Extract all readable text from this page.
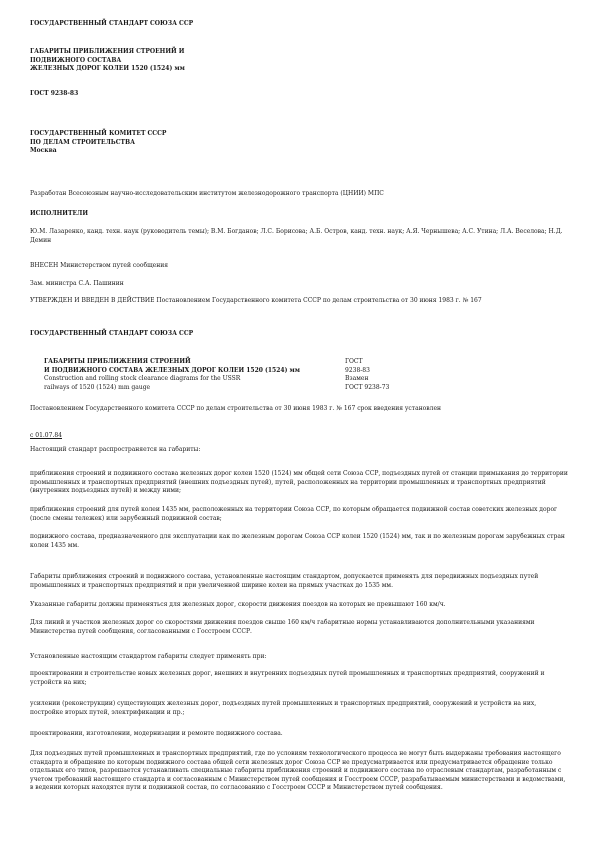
ГОСУДАРСТВЕННЫЙ СТАНДАРТ СОЮЗА ССР
ГАБАРИТЫ ПРИБЛИЖЕНИЯ СТРОЕНИЙ И
ПОДВИЖНОГО СОСТАВА
ЖЕЛЕЗНЫХ ДОРОГ КОЛЕИ 1520 (1524) мм
ГОСТ 9238-83
ГОСУДАРСТВЕННЫЙ КОМИТЕТ СССР
ПО ДЕЛАМ СТРОИТЕЛЬСТВА
Москва
Разработан Всесоюзным научно-исследовательским институтом железнодорожного транспорта (ЦНИИ) МПС
ИСПОЛНИТЕЛИ
Ю.М. Лазаренко, канд. техн. наук (руководитель темы); В.М. Богданов; Л.С. Борисова; А.Б. Остров, канд. техн. наук; А.Я. Чернышева; А.С. Утина; Л.А. Веселова; Н.Д. Демин
ВНЕСЕН Министерством путей сообщения
Зам. министра С.А. Пашинин
УТВЕРЖДЕН И ВВЕДЕН В ДЕЙСТВИЕ Постановлением Государственного комитета СССР по делам строительства от 30 июня 1983 г. № 167
ГОСУДАРСТВЕННЫЙ СТАНДАРТ СОЮЗА ССР
ГАБАРИТЫ ПРИБЛИЖЕНИЯ СТРОЕНИЙ
И ПОДВИЖНОГО СОСТАВА ЖЕЛЕЗНЫХ ДОРОГ КОЛЕИ 1520 (1524) мм
Construction and rolling stock clearance diagrams for the USSR
railways of 1520 (1524) mm gauge
ГОСТ
9238-83
Взамен
ГОСТ 9238-73
Постановлением Государственного комитета СССР по делам строительства от 30 июня 1983 г. № 167 срок введения установлен
с 01.07.84
Настоящий стандарт распространяется на габариты:
приближения строений и подвижного состава железных дорог колеи 1520 (1524) мм общей сети Союза ССР, подъездных путей от станции примыкания до территории промышленных и транспортных предприятий (внешних подъездных путей), путей, расположенных на территории промышленных и транспортных предприятий (внутренних подъездных путей) и между ними;
приближения строений для путей колеи 1435 мм, расположенных на территории Союза ССР, по которым обращается подвижной состав советских железных дорог (после смены тележек) или зарубежный подвижной состав;
подвижного состава, предназначенного для эксплуатации как по железным дорогам Союза ССР колеи 1520 (1524) мм, так и по железным дорогам зарубежных стран колеи 1435 мм.
Габариты приближения строений и подвижного состава, установленные настоящим стандартом, допускается применять для передвижных подъездных путей промышленных и транспортных предприятий и при увеличенной ширине колеи на прямых участках до 1535 мм.
Указанные габариты должны применяться для железных дорог, скорости движения поездов на которых не превышают 160 км/ч.
Для линий и участков железных дорог со скоростями движения поездов свыше 160 км/ч габаритные нормы устанавливаются дополнительными указаниями Министерства путей сообщения, согласованными с Госстроем СССР.
Установленные настоящим стандартом габариты следует применять при:
проектировании и строительстве новых железных дорог, внешних и внутренних подъездных путей промышленных и транспортных предприятий, сооружений и устройств на них;
усилении (реконструкции) существующих железных дорог, подъездных путей промышленных и транспортных предприятий, сооружений и устройств на них, постройке вторых путей, электрификации и пр.;
проектировании, изготовлении, модернизации и ремонте подвижного состава.
Для подъездных путей промышленных и транспортных предприятий, где по условиям технологического процесса не могут быть выдержаны требования настоящего стандарта и обращение по которым подвижного состава общей сети железных дорог Союза ССР не предусматривается или предусматривается обращение только отдельных его типов, разрешается устанавливать специальные габариты приближения строений и подвижного состава по отраслевым стандартам, разработанным с учетом требований настоящего стандарта и согласованным с Министерством путей сообщения и Госстроем СССР, разрабатываемым министерствами и ведомствами, в ведении которых находятся пути и подвижной состав, по согласованию с Госстроем СССР и Министерством путей сообщения.
